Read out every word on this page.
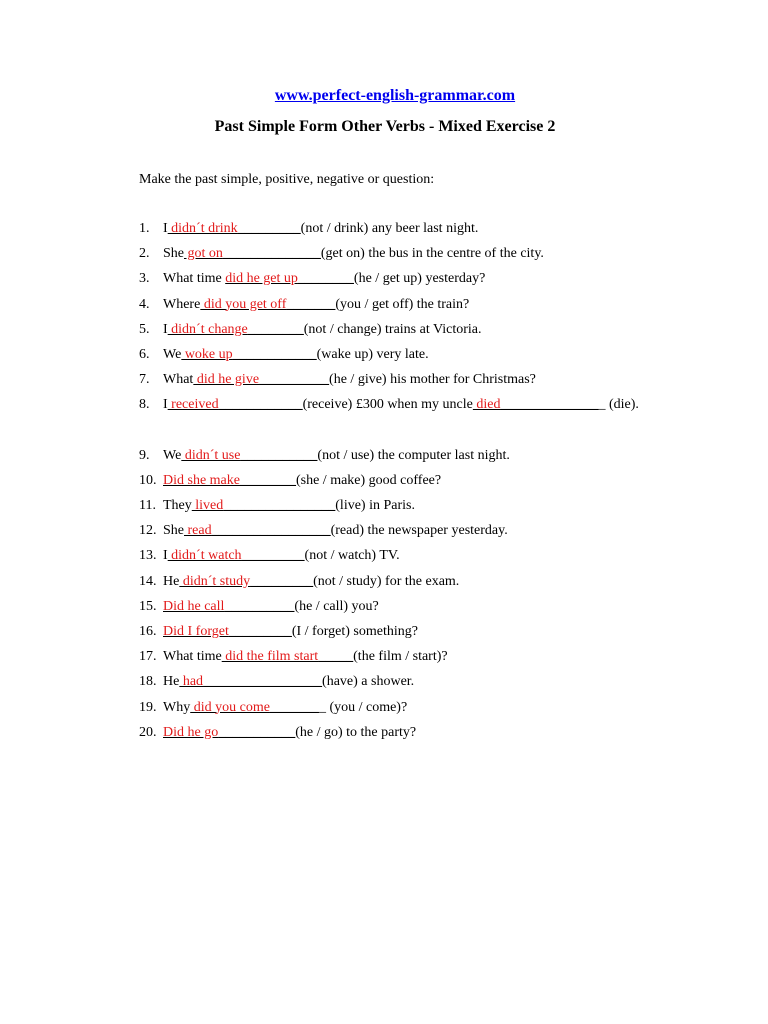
www.perfect-english-grammar.com
Past Simple Form Other Verbs - Mixed Exercise 2
Make the past simple, positive, negative or question:
1. I didn´t drink_________(not / drink) any beer last night.
2. She got on______________(get on) the bus in the centre of the city.
3. What time did he get up________(he / get up) yesterday?
4. Where did you get off_______(you / get off) the train?
5. I didn´t change________(not / change) trains at Victoria.
6. We woke up____________(wake up) very late.
7. What did he give__________(he / give) his mother for Christmas?
8. I received____________(receive) £300 when my uncle died_______________ (die).
9. We didn´t use___________(not / use) the computer last night.
10. Did she make________(she / make) good coffee?
11. They lived________________(live) in Paris.
12. She read_________________(read) the newspaper yesterday.
13. I didn´t watch_________(not / watch) TV.
14. He didn´t study_________(not / study) for the exam.
15. Did he call__________(he / call) you?
16. Did I forget_________(I / forget) something?
17. What time did the film start_____(the film / start)?
18. He had_________________(have) a shower.
19. Why did you come________ (you / come)?
20. Did he go___________(he / go) to the party?
